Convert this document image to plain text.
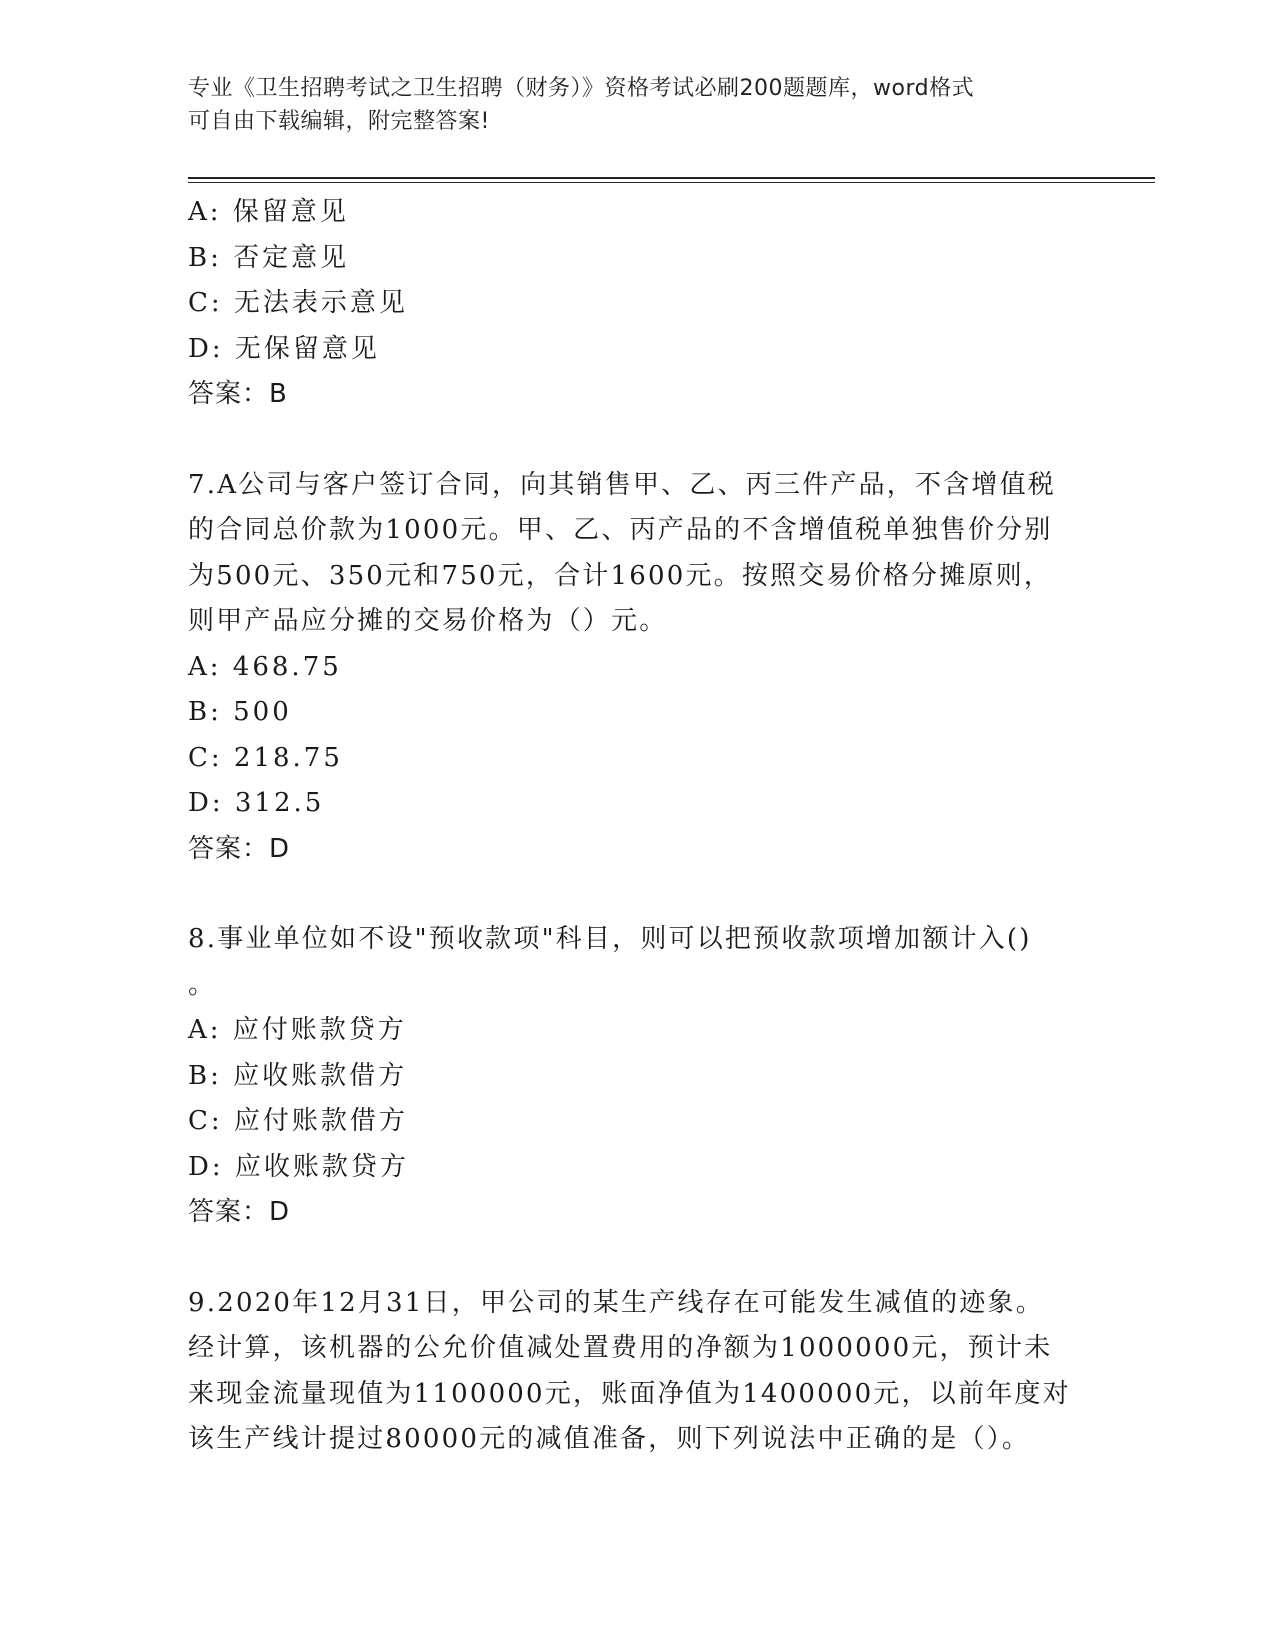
专业《卫生招聘考试之卫生招聘（财务）》资格考试必刷200题题库，word格式
可自由下载编辑，附完整答案!
A: 保留意见
B: 否定意见
C: 无法表示意见
D: 无保留意见
答案：B
7.A公司与客户签订合同，向其销售甲、乙、丙三件产品，不含增值税
的合同总价款为1000元。甲、乙、丙产品的不含增值税单独售价分别
为500元、350元和750元，合计1600元。按照交易价格分摊原则，
则甲产品应分摊的交易价格为（）元。
A: 468.75
B: 500
C: 218.75
D: 312.5
答案：D
8.事业单位如不设"预收款项"科目，则可以把预收款项增加额计入()
。
A: 应付账款贷方
B: 应收账款借方
C: 应付账款借方
D: 应收账款贷方
答案：D
9.2020年12月31日，甲公司的某生产线存在可能发生减值的迹象。
经计算，该机器的公允价值减处置费用的净额为1000000元，预计未
来现金流量现值为1100000元，账面净值为1400000元，以前年度对
该生产线计提过80000元的减值准备，则下列说法中正确的是（）。
